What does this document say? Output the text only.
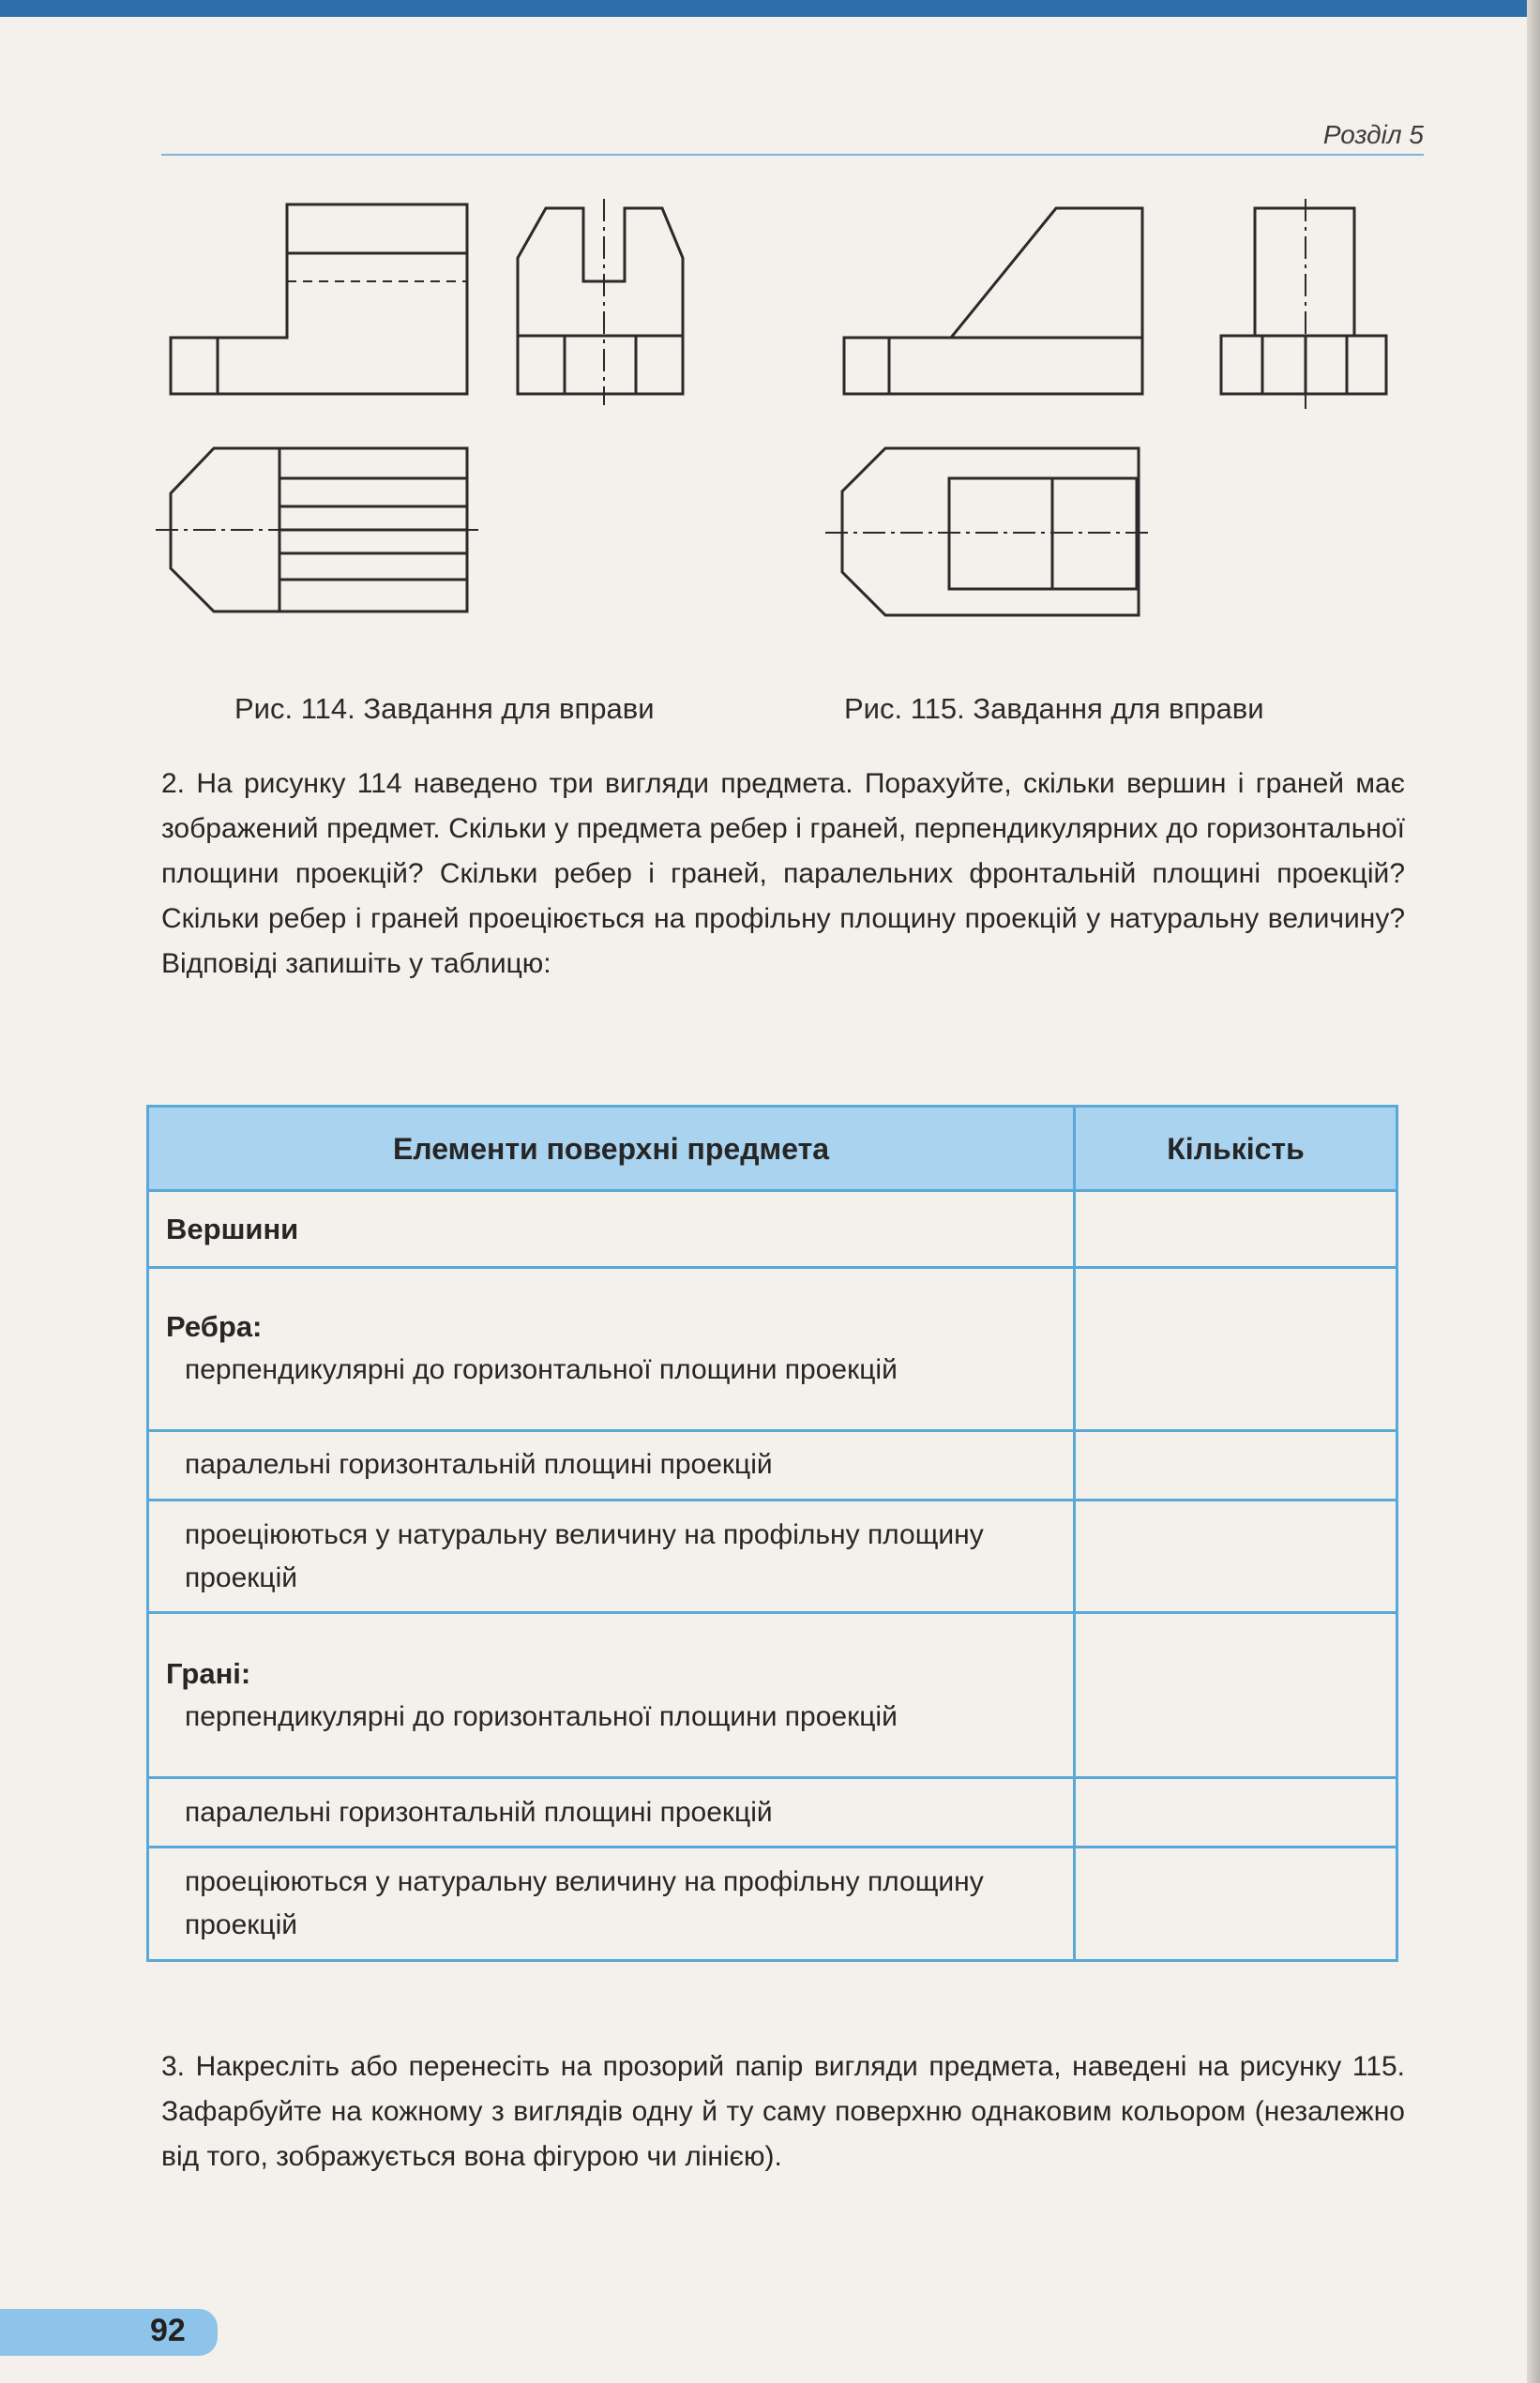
Розділ 5
Рис. 114. Завдання для вправи	Рис. 115. Завдання для вправи

2. На рисунку 114 наведено три вигляди предмета. Порахуйте, скільки вершин і граней має зображений предмет. Скільки у предмета ребер і граней, перпендикулярних до горизонтальної площини проекцій? Скільки ребер і граней, паралельних фронтальній площині проекцій? Скільки ребер і граней проеціюється на профільну площину проекцій у натуральну величину? Відповіді запишіть у таблицю:

Елементи поверхні предмета	Кількість

Вершини	

Ребра:
перпендикулярні до горизонтальної площини проекцій	

паралельні горизонтальній площині проекцій	

проеціюються у натуральну величину на профільну площину проекцій	

Грані:
перпендикулярні до горизонтальної площини проекцій	

паралельні горизонтальній площині проекцій	

проеціюються у натуральну величину на профільну площину проекцій	

3. Накресліть або перенесіть на прозорий папір вигляди предмета, наведені на рисунку 115. Зафарбуйте на кожному з виглядів одну й ту саму поверхню однаковим кольором (незалежно від того, зображується вона фігурою чи лінією).

92
